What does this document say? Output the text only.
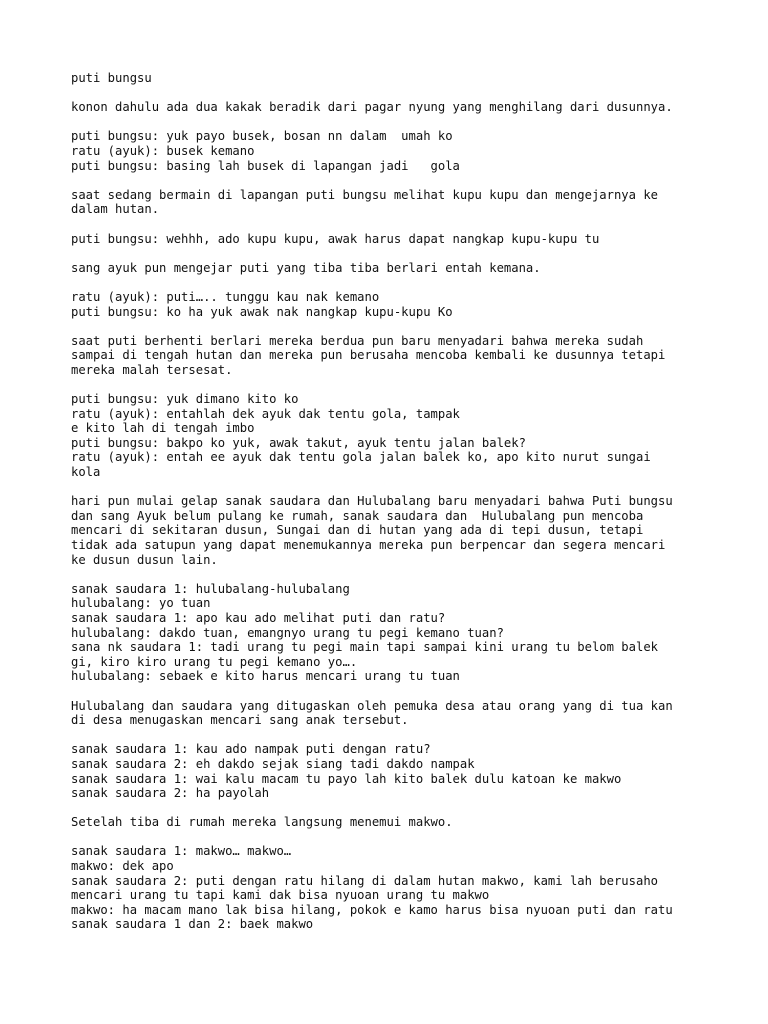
puti bungsu
konon dahulu ada dua kakak beradik dari pagar nyung yang menghilang dari dusunnya.
puti bungsu: yuk payo busek, bosan nn dalam  umah ko
ratu (ayuk): busek kemano
puti bungsu: basing lah busek di lapangan jadi   gola
saat sedang bermain di lapangan puti bungsu melihat kupu kupu dan mengejarnya ke
dalam hutan.
puti bungsu: wehhh, ado kupu kupu, awak harus dapat nangkap kupu-kupu tu
sang ayuk pun mengejar puti yang tiba tiba berlari entah kemana.
ratu (ayuk): puti….. tunggu kau nak kemano
puti bungsu: ko ha yuk awak nak nangkap kupu-kupu Ko
saat puti berhenti berlari mereka berdua pun baru menyadari bahwa mereka sudah
sampai di tengah hutan dan mereka pun berusaha mencoba kembali ke dusunnya tetapi
mereka malah tersesat.
puti bungsu: yuk dimano kito ko
ratu (ayuk): entahlah dek ayuk dak tentu gola, tampak
e kito lah di tengah imbo
puti bungsu: bakpo ko yuk, awak takut, ayuk tentu jalan balek?
ratu (ayuk): entah ee ayuk dak tentu gola jalan balek ko, apo kito nurut sungai
kola
hari pun mulai gelap sanak saudara dan Hulubalang baru menyadari bahwa Puti bungsu
dan sang Ayuk belum pulang ke rumah, sanak saudara dan  Hulubalang pun mencoba
mencari di sekitaran dusun, Sungai dan di hutan yang ada di tepi dusun, tetapi
tidak ada satupun yang dapat menemukannya mereka pun berpencar dan segera mencari
ke dusun dusun lain.
sanak saudara 1: hulubalang-hulubalang
hulubalang: yo tuan
sanak saudara 1: apo kau ado melihat puti dan ratu?
hulubalang: dakdo tuan, emangnyo urang tu pegi kemano tuan?
sana nk saudara 1: tadi urang tu pegi main tapi sampai kini urang tu belom balek
gi, kiro kiro urang tu pegi kemano yo….
hulubalang: sebaek e kito harus mencari urang tu tuan
Hulubalang dan saudara yang ditugaskan oleh pemuka desa atau orang yang di tua kan
di desa menugaskan mencari sang anak tersebut.
sanak saudara 1: kau ado nampak puti dengan ratu?
sanak saudara 2: eh dakdo sejak siang tadi dakdo nampak
sanak saudara 1: wai kalu macam tu payo lah kito balek dulu katoan ke makwo
sanak saudara 2: ha payolah
Setelah tiba di rumah mereka langsung menemui makwo.
sanak saudara 1: makwo… makwo…
makwo: dek apo
sanak saudara 2: puti dengan ratu hilang di dalam hutan makwo, kami lah berusaho
mencari urang tu tapi kami dak bisa nyuoan urang tu makwo
makwo: ha macam mano lak bisa hilang, pokok e kamo harus bisa nyuoan puti dan ratu
sanak saudara 1 dan 2: baek makwo
